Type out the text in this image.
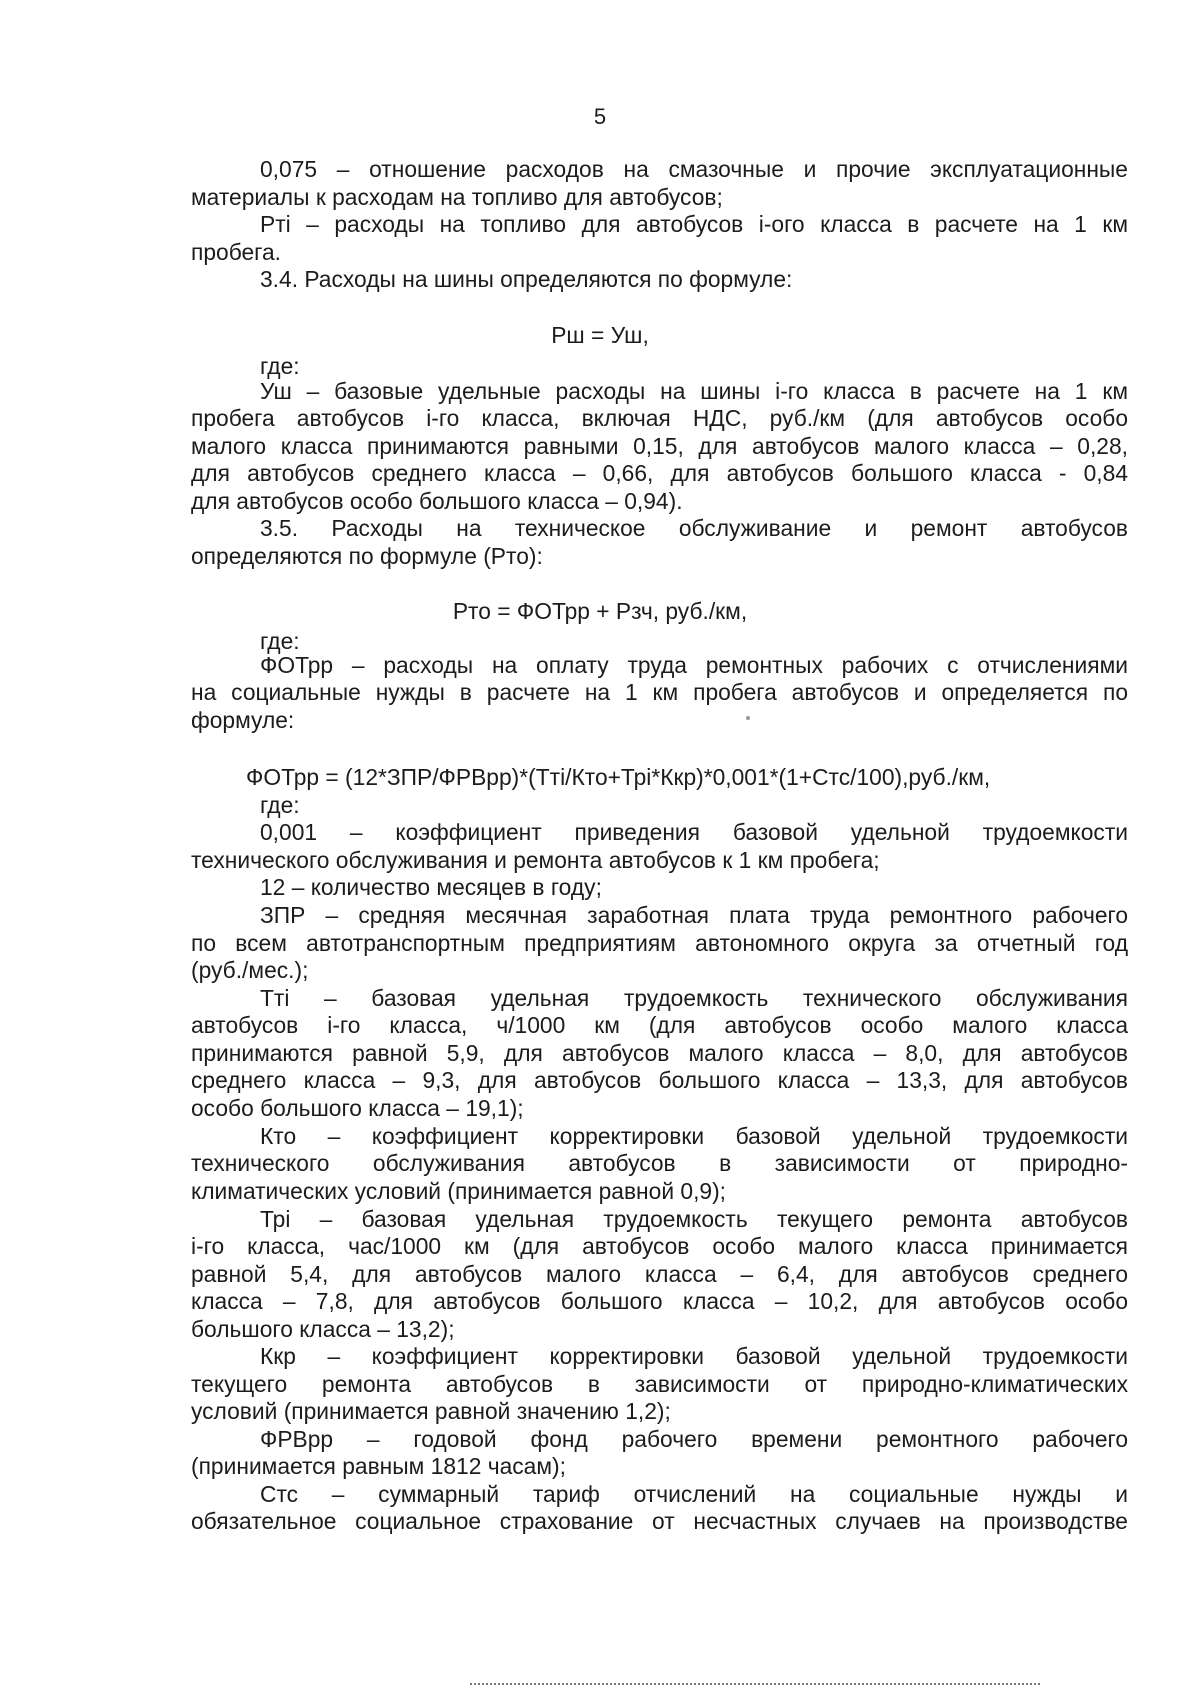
5
0,075 – отношение расходов на смазочные и прочие эксплуатационные
материалы к расходам на топливо для автобусов;
Pтi – расходы на топливо для автобусов i-ого класса в расчете на 1 км
пробега.
3.4. Расходы на шины определяются по формуле:
Рш = Уш,
где:
Уш – базовые удельные расходы на шины i-го класса в расчете на 1 км
пробега автобусов i-го класса, включая НДС, руб./км (для автобусов особо
малого класса принимаются равными 0,15, для автобусов малого класса – 0,28,
для автобусов среднего класса – 0,66, для автобусов большого класса - 0,84
для автобусов особо большого класса – 0,94).
3.5. Расходы на техническое обслуживание и ремонт автобусов
определяются по формуле (Рто):
Рто = ФОТрр + Рзч, руб./км,
где:
ФОТрр – расходы на оплату труда ремонтных рабочих с отчислениями
на социальные нужды в расчете на 1 км пробега автобусов и определяется по
формуле:
ФОТрр = (12*ЗПР/ФРВрр)*(Ттi/Кто+Трi*Ккр)*0,001*(1+Стс/100),руб./км,
где:
0,001 – коэффициент приведения базовой удельной трудоемкости
технического обслуживания и ремонта автобусов к 1 км пробега;
12 – количество месяцев в году;
ЗПР – средняя месячная заработная плата труда ремонтного рабочего
по всем автотранспортным предприятиям автономного округа за отчетный год
(руб./мес.);
Ттi – базовая удельная трудоемкость технического обслуживания
автобусов i-го класса, ч/1000 км (для автобусов особо малого класса
принимаются равной 5,9, для автобусов малого класса – 8,0, для автобусов
среднего класса – 9,3, для автобусов большого класса – 13,3, для автобусов
особо большого класса – 19,1);
Кто – коэффициент корректировки базовой удельной трудоемкости
технического обслуживания автобусов в зависимости от природно-
климатических условий (принимается равной 0,9);
Трi – базовая удельная трудоемкость текущего ремонта автобусов
i-го класса, час/1000 км (для автобусов особо малого класса принимается
равной 5,4, для автобусов малого класса – 6,4, для автобусов среднего
класса – 7,8, для автобусов большого класса – 10,2, для автобусов особо
большого класса – 13,2);
Ккр – коэффициент корректировки базовой удельной трудоемкости
текущего ремонта автобусов в зависимости от природно-климатических
условий (принимается равной значению 1,2);
ФРВрр – годовой фонд рабочего времени ремонтного рабочего
(принимается равным 1812 часам);
Стс – суммарный тариф отчислений на социальные нужды и
обязательное социальное страхование от несчастных случаев на производстве
